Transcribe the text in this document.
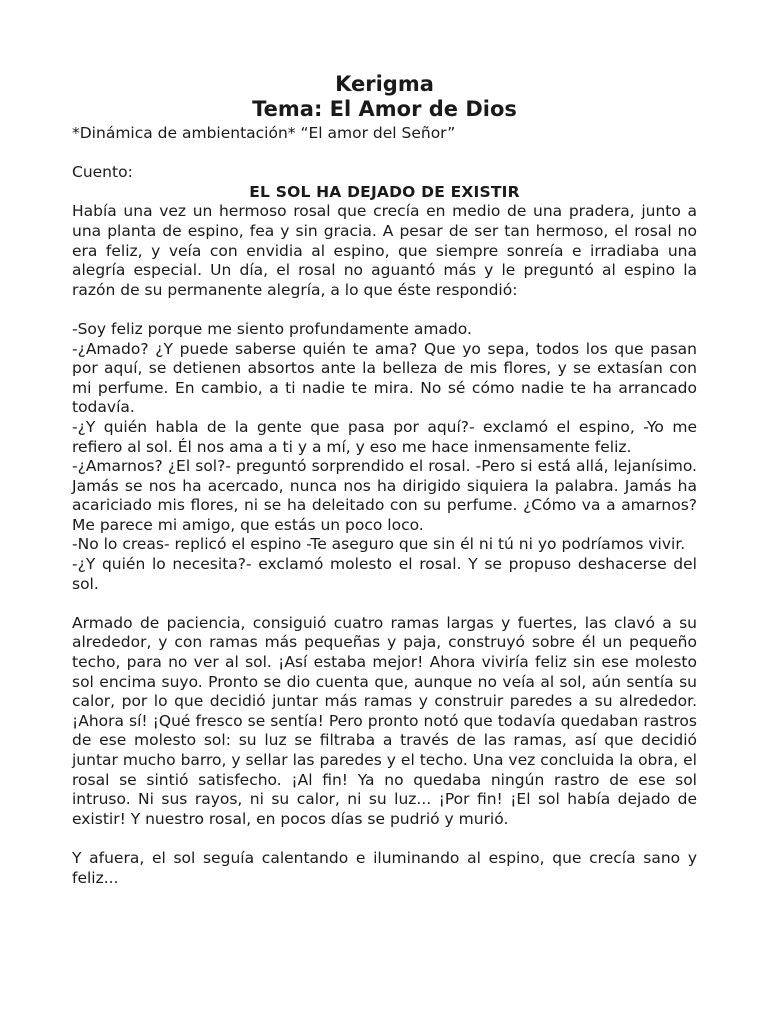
Kerigma
Tema: El Amor de Dios

*Dinámica de ambientación* “El amor del Señor”

Cuento:

EL SOL HA DEJADO DE EXISTIR

Había una vez un hermoso rosal que crecía en medio de una pradera, junto a una planta de espino, fea y sin gracia. A pesar de ser tan hermoso, el rosal no era feliz, y veía con envidia al espino, que siempre sonreía e irradiaba una alegría especial. Un día, el rosal no aguantó más y le preguntó al espino la razón de su permanente alegría, a lo que éste respondió:

-Soy feliz porque me siento profundamente amado.

-¿Amado? ¿Y puede saberse quién te ama? Que yo sepa, todos los que pasan por aquí, se detienen absortos ante la belleza de mis flores, y se extasían con mi perfume. En cambio, a ti nadie te mira. No sé cómo nadie te ha arrancado todavía.

-¿Y quién habla de la gente que pasa por aquí?- exclamó el espino, -Yo me refiero al sol. Él nos ama a ti y a mí, y eso me hace inmensamente feliz.

-¿Amarnos? ¿El sol?- preguntó sorprendido el rosal. -Pero si está allá, lejanísimo. Jamás se nos ha acercado, nunca nos ha dirigido siquiera la palabra. Jamás ha acariciado mis flores, ni se ha deleitado con su perfume. ¿Cómo va a amarnos? Me parece mi amigo, que estás un poco loco.

-No lo creas- replicó el espino -Te aseguro que sin él ni tú ni yo podríamos vivir.

-¿Y quién lo necesita?- exclamó molesto el rosal. Y se propuso deshacerse del sol.

Armado de paciencia, consiguió cuatro ramas largas y fuertes, las clavó a su alrededor, y con ramas más pequeñas y paja, construyó sobre él un pequeño techo, para no ver al sol. ¡Así estaba mejor! Ahora viviría feliz sin ese molesto sol encima suyo. Pronto se dio cuenta que, aunque no veía al sol, aún sentía su calor, por lo que decidió juntar más ramas y construir paredes a su alrededor. ¡Ahora sí! ¡Qué fresco se sentía! Pero pronto notó que todavía quedaban rastros de ese molesto sol: su luz se filtraba a través de las ramas, así que decidió juntar mucho barro, y sellar las paredes y el techo. Una vez concluida la obra, el rosal se sintió satisfecho. ¡Al fin! Ya no quedaba ningún rastro de ese sol intruso. Ni sus rayos, ni su calor, ni su luz... ¡Por fin! ¡El sol había dejado de existir! Y nuestro rosal, en pocos días se pudrió y murió.

Y afuera, el sol seguía calentando e iluminando al espino, que crecía sano y feliz...
